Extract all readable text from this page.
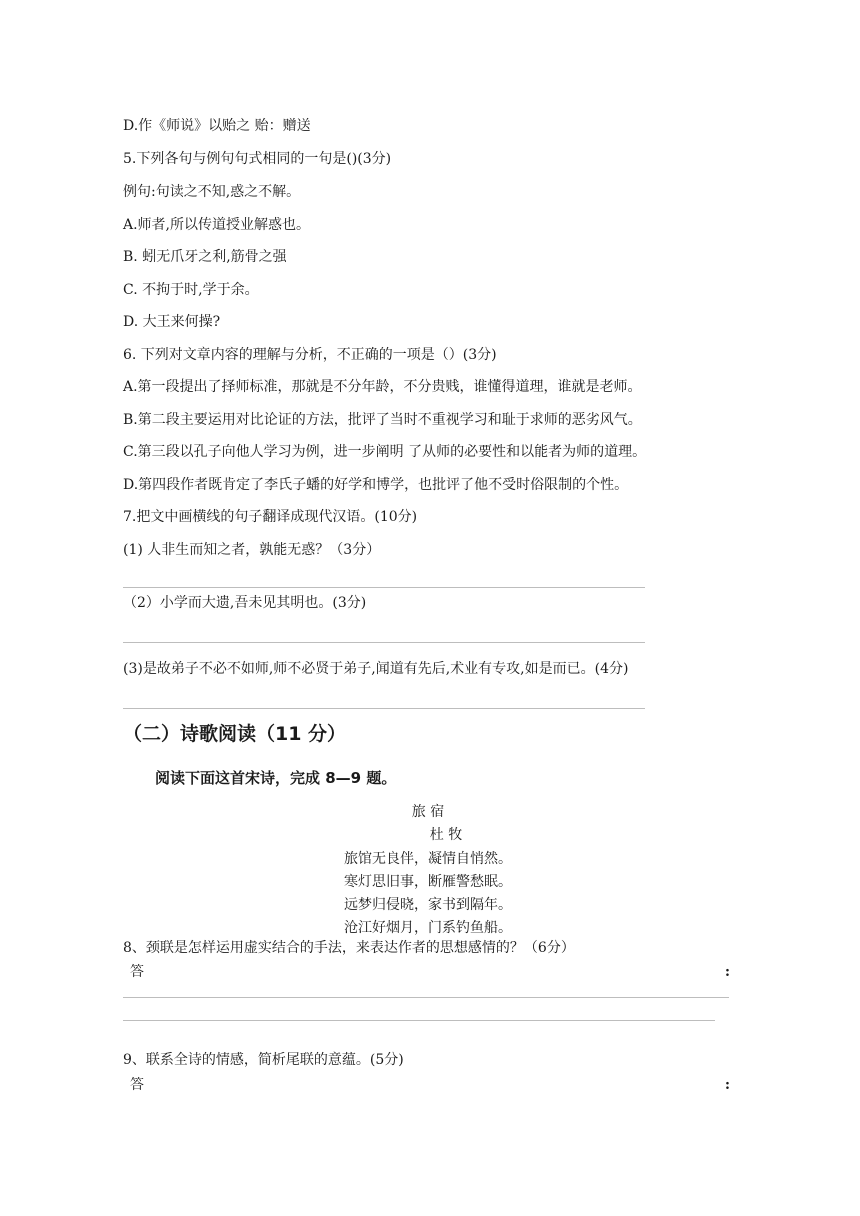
D.作《师说》以贻之 贻：赠送
5.下列各句与例句句式相同的一句是()(3分)
例句:句读之不知,惑之不解。
A.师者,所以传道授业解惑也。
B. 蚓无爪牙之利,筋骨之强
C. 不拘于时,学于余。
D. 大王来何操?
6. 下列对文章内容的理解与分析，不正确的一项是（）(3分)
A.第一段提出了择师标准，那就是不分年龄，不分贵贱，谁懂得道理，谁就是老师。
B.第二段主要运用对比论证的方法，批评了当时不重视学习和耻于求师的恶劣风气。
C.第三段以孔子向他人学习为例，进一步阐明 了从师的必要性和以能者为师的道理。
D.第四段作者既肯定了李氏子蟠的好学和博学，也批评了他不受时俗限制的个性。
7.把文中画横线的句子翻译成现代汉语。(10分)
(1) 人非生而知之者，孰能无惑？（3分）
（2）小学而大遗,吾未见其明也。(3分)
(3)是故弟子不必不如师,师不必贤于弟子,闻道有先后,术业有专攻,如是而已。(4分)
（二）诗歌阅读（11 分）
阅读下面这首宋诗，完成 8—9 题。
旅 宿
杜 牧
旅馆无良伴，凝情自悄然。
寒灯思旧事，断雁警愁眠。
远梦归侵晓，家书到隔年。
沧江好烟月，门系钓鱼船。
8、颈联是怎样运用虚实结合的手法，来表达作者的思想感情的？（6分）
答	:
9、联系全诗的情感，简析尾联的意蕴。(5分)
答	:
